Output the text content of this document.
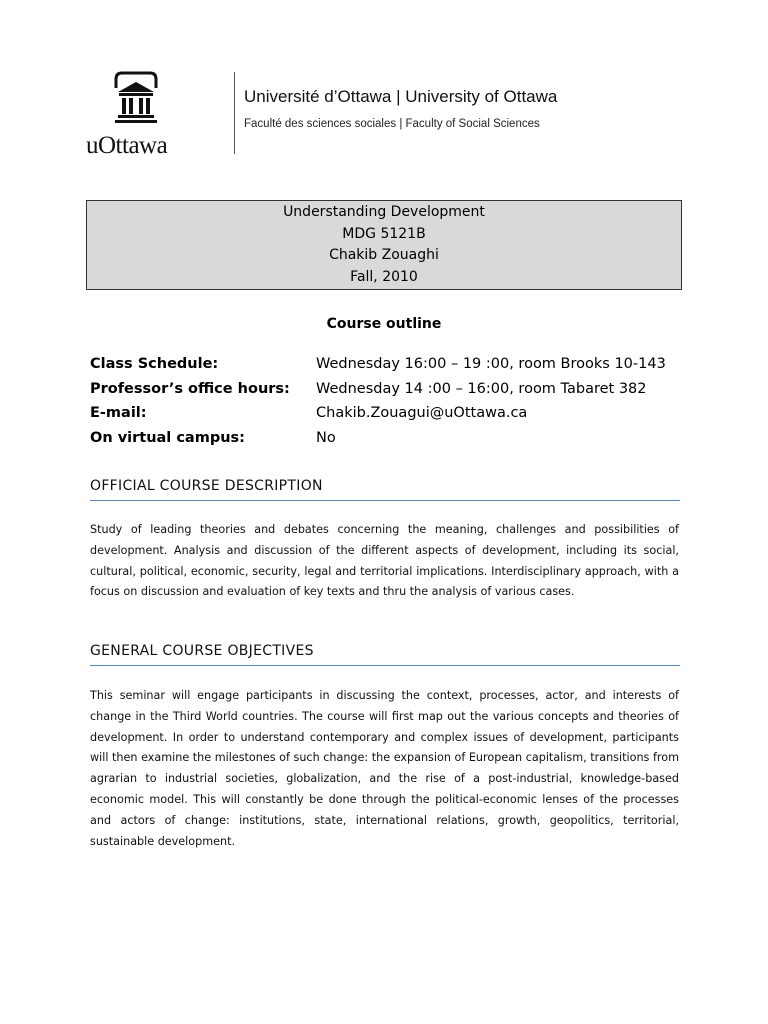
uOttawa
Université d’Ottawa | University of Ottawa
Faculté des sciences sociales | Faculty of Social Sciences
Understanding Development
MDG 5121B
Chakib Zouaghi
Fall, 2010
Course outline
Class Schedule:	Wednesday 16:00 – 19 :00, room Brooks 10-143
Professor’s office hours:	Wednesday 14 :00 – 16:00, room Tabaret 382
E-mail:	Chakib.Zouagui@uOttawa.ca
On virtual campus:	No
OFFICIAL COURSE DESCRIPTION
Study of leading theories and debates concerning the meaning, challenges and possibilities of development. Analysis and discussion of the different aspects of development, including its social, cultural, political, economic, security, legal and territorial implications. Interdisciplinary approach, with a focus on discussion and evaluation of key texts and thru the analysis of various cases.
GENERAL COURSE OBJECTIVES
This seminar will engage participants in discussing the context, processes, actor, and interests of change in the Third World countries. The course will first map out the various concepts and theories of development. In order to understand contemporary and complex issues of development, participants will then examine the milestones of such change: the expansion of European capitalism, transitions from agrarian to industrial societies, globalization, and the rise of a post-industrial, knowledge-based economic model. This will constantly be done through the political-economic lenses of the processes and actors of change: institutions, state, international relations, growth, geopolitics, territorial, sustainable development.
